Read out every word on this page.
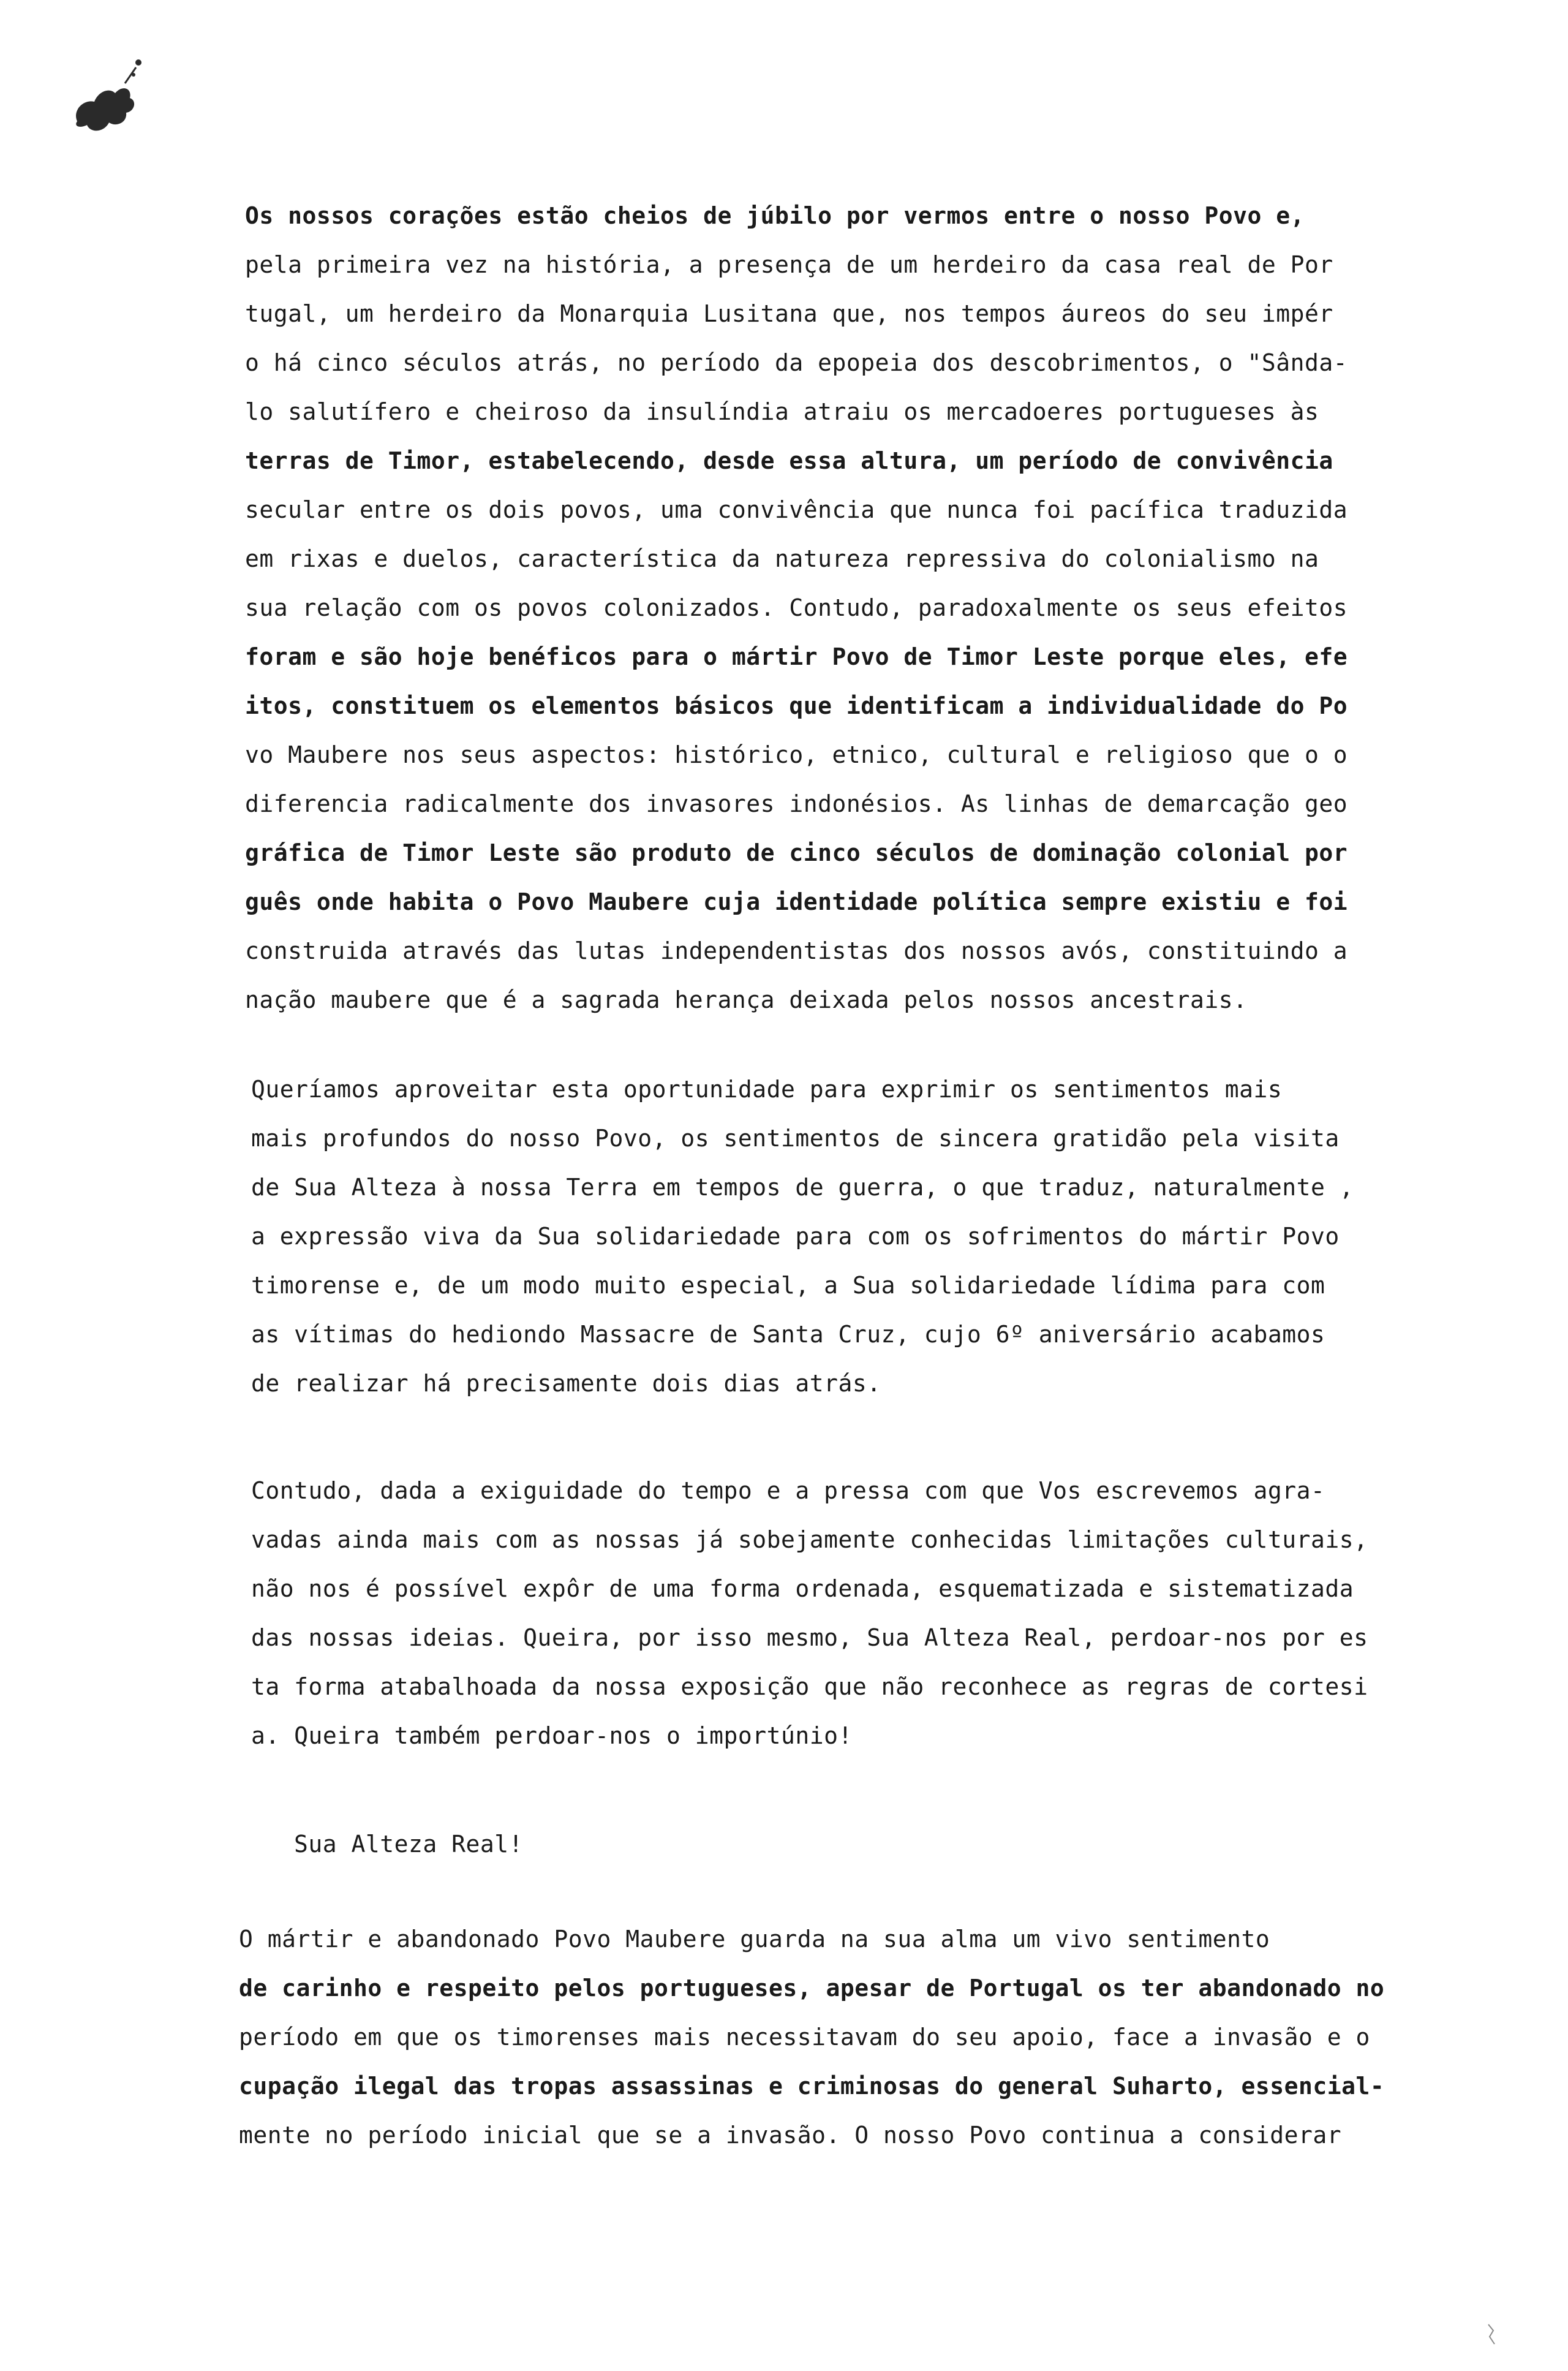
Os nossos corações estão cheios de júbilo por vermos entre o nosso Povo e,
pela primeira vez na história, a presença de um herdeiro da casa real de Por
tugal, um herdeiro da Monarquia Lusitana que, nos tempos áureos do seu impér
o há cinco séculos atrás, no período da epopeia dos descobrimentos, o "Sânda-
lo salutífero e cheiroso da insulíndia atraiu os mercadoeres portugueses às
terras de Timor, estabelecendo, desde essa altura, um período de convivência
secular entre os dois povos, uma convivência que nunca foi pacífica traduzida
em rixas e duelos, característica da natureza repressiva do colonialismo na
sua relação com os povos colonizados. Contudo, paradoxalmente os seus efeitos
foram e são hoje benéficos para o mártir Povo de Timor Leste porque eles, efe
itos, constituem os elementos básicos que identificam a individualidade do Po
vo Maubere nos seus aspectos: histórico, etnico, cultural e religioso que o o
diferencia radicalmente dos invasores indonésios. As linhas de demarcação geo
gráfica de Timor Leste são produto de cinco séculos de dominação colonial por
guês onde habita o Povo Maubere cuja identidade política sempre existiu e foi
construida através das lutas independentistas dos nossos avós, constituindo a
nação maubere que é a sagrada herança deixada pelos nossos ancestrais.
Queríamos aproveitar esta oportunidade para exprimir os sentimentos mais
mais profundos do nosso Povo, os sentimentos de sincera gratidão pela visita
de Sua Alteza à nossa Terra em tempos de guerra, o que traduz, naturalmente ,
a expressão viva da Sua solidariedade para com os sofrimentos do mártir Povo
timorense e, de um modo muito especial, a Sua solidariedade lídima para com
as vítimas do hediondo Massacre de Santa Cruz, cujo 6º aniversário acabamos
de realizar há precisamente dois dias atrás.
Contudo, dada a exiguidade do tempo e a pressa com que Vos escrevemos agra-
vadas ainda mais com as nossas já sobejamente conhecidas limitações culturais,
não nos é possível expôr de uma forma ordenada, esquematizada e sistematizada
das nossas ideias. Queira, por isso mesmo, Sua Alteza Real, perdoar-nos por es
ta forma atabalhoada da nossa exposição que não reconhece as regras de cortesi
a. Queira também perdoar-nos o importúnio!
Sua Alteza Real!
O mártir e abandonado Povo Maubere guarda na sua alma um vivo sentimento
de carinho e respeito pelos portugueses, apesar de Portugal os ter abandonado no
período em que os timorenses mais necessitavam do seu apoio, face a invasão e o
cupação ilegal das tropas assassinas e criminosas do general Suharto, essencial-
mente no período inicial que se a invasão. O nosso Povo continua a considerar
